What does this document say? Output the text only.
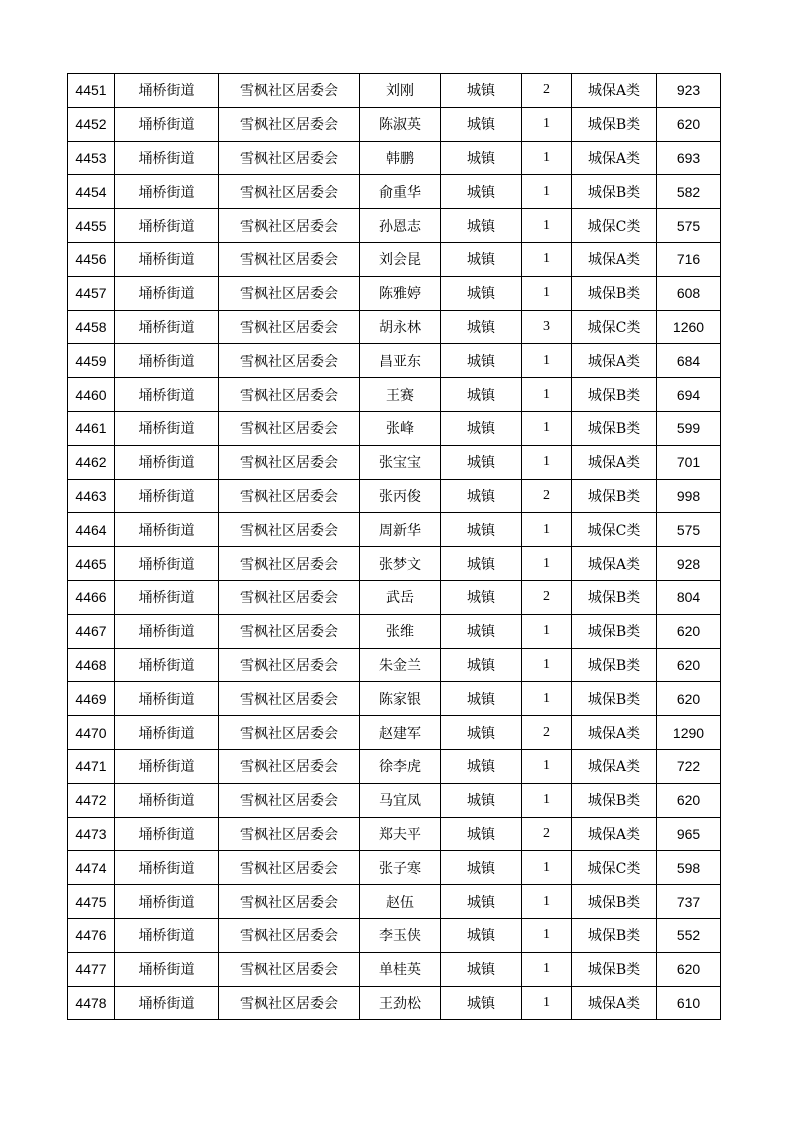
4451	埇桥街道	雪枫社区居委会	刘刚	城镇	2	城保A类	923
4452	埇桥街道	雪枫社区居委会	陈淑英	城镇	1	城保B类	620
4453	埇桥街道	雪枫社区居委会	韩鹏	城镇	1	城保A类	693
4454	埇桥街道	雪枫社区居委会	俞重华	城镇	1	城保B类	582
4455	埇桥街道	雪枫社区居委会	孙恩志	城镇	1	城保C类	575
4456	埇桥街道	雪枫社区居委会	刘会昆	城镇	1	城保A类	716
4457	埇桥街道	雪枫社区居委会	陈雅婷	城镇	1	城保B类	608
4458	埇桥街道	雪枫社区居委会	胡永林	城镇	3	城保C类	1260
4459	埇桥街道	雪枫社区居委会	昌亚东	城镇	1	城保A类	684
4460	埇桥街道	雪枫社区居委会	王赛	城镇	1	城保B类	694
4461	埇桥街道	雪枫社区居委会	张峰	城镇	1	城保B类	599
4462	埇桥街道	雪枫社区居委会	张宝宝	城镇	1	城保A类	701
4463	埇桥街道	雪枫社区居委会	张丙俊	城镇	2	城保B类	998
4464	埇桥街道	雪枫社区居委会	周新华	城镇	1	城保C类	575
4465	埇桥街道	雪枫社区居委会	张梦文	城镇	1	城保A类	928
4466	埇桥街道	雪枫社区居委会	武岳	城镇	2	城保B类	804
4467	埇桥街道	雪枫社区居委会	张维	城镇	1	城保B类	620
4468	埇桥街道	雪枫社区居委会	朱金兰	城镇	1	城保B类	620
4469	埇桥街道	雪枫社区居委会	陈家银	城镇	1	城保B类	620
4470	埇桥街道	雪枫社区居委会	赵建军	城镇	2	城保A类	1290
4471	埇桥街道	雪枫社区居委会	徐李虎	城镇	1	城保A类	722
4472	埇桥街道	雪枫社区居委会	马宜凤	城镇	1	城保B类	620
4473	埇桥街道	雪枫社区居委会	郑夫平	城镇	2	城保A类	965
4474	埇桥街道	雪枫社区居委会	张子寒	城镇	1	城保C类	598
4475	埇桥街道	雪枫社区居委会	赵伍	城镇	1	城保B类	737
4476	埇桥街道	雪枫社区居委会	李玉侠	城镇	1	城保B类	552
4477	埇桥街道	雪枫社区居委会	单桂英	城镇	1	城保B类	620
4478	埇桥街道	雪枫社区居委会	王劲松	城镇	1	城保A类	610
